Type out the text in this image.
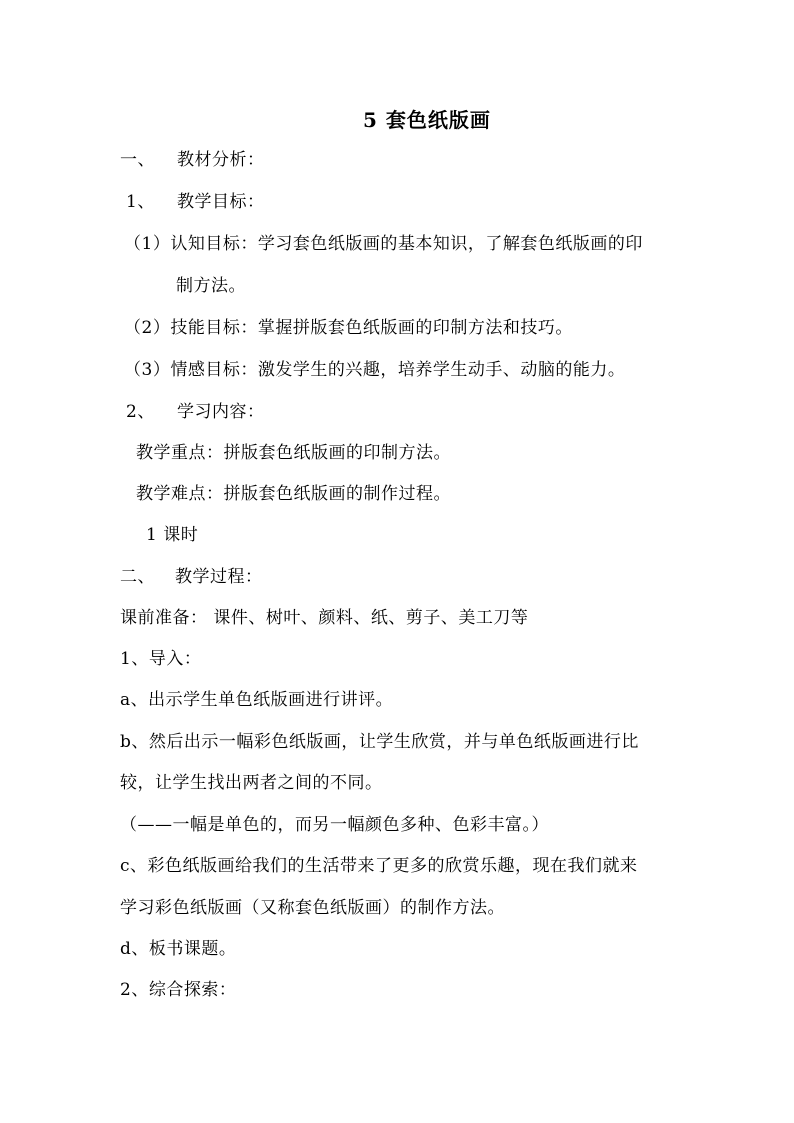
5 套色纸版画
一、 教材分析：
1、 教学目标：
（1）认知目标：学习套色纸版画的基本知识，了解套色纸版画的印
制方法。
（2）技能目标：掌握拼版套色纸版画的印制方法和技巧。
（3）情感目标：激发学生的兴趣，培养学生动手、动脑的能力。
2、 学习内容：
教学重点：拼版套色纸版画的印制方法。
教学难点：拼版套色纸版画的制作过程。
1 课时
二、 教学过程：
课前准备： 课件、树叶、颜料、纸、剪子、美工刀等
1、导入：
a、出示学生单色纸版画进行讲评。
b、然后出示一幅彩色纸版画，让学生欣赏，并与单色纸版画进行比
较，让学生找出两者之间的不同。
（——一幅是单色的，而另一幅颜色多种、色彩丰富。）
c、彩色纸版画给我们的生活带来了更多的欣赏乐趣，现在我们就来
学习彩色纸版画（又称套色纸版画）的制作方法。
d、板书课题。
2、综合探索：
